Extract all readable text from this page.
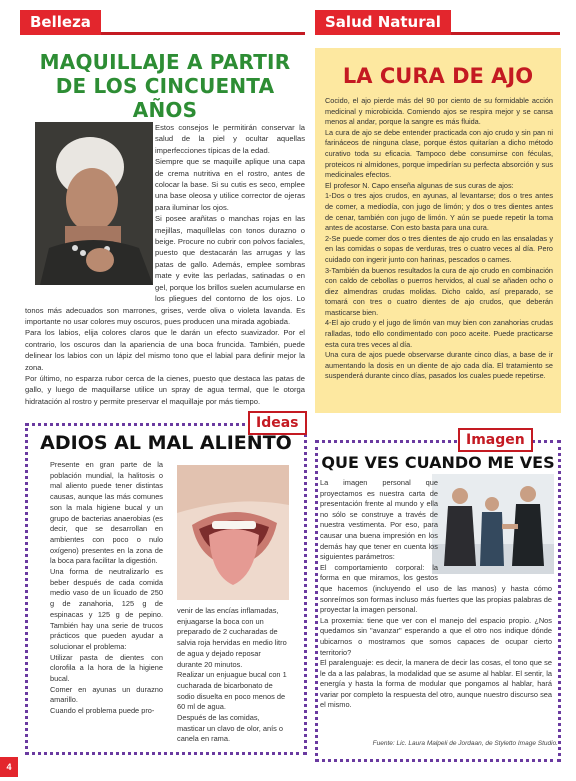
Belleza	Salud Natural
MAQUILLAJE A PARTIR DE LOS CINCUENTA AÑOS

Estos consejos le permitirán conservar la salud de la piel y ocultar aquellas imperfecciones típicas de la edad.

Siempre que se maquille aplique una capa de crema nutritiva en el rostro, antes de colocar la base. Si su cutis es seco, emplee una base oleosa y utilice corrector de ojeras para iluminar los ojos.

Si posee arañitas o manchas rojas en las mejillas, maquíllelas con tonos durazno o beige. Procure no cubrir con polvos faciales, puesto que destacarán las arrugas y las patas de gallo. Además, emplee sombras mate y evite las perladas, satinadas o en gel, porque los brillos suelen acumularse en los pliegues del contorno de los ojos. Lo tonos más adecuados son marrones, grises, verde oliva o violeta lavanda. Es importante no usar colores muy oscuros, pues producen una mirada agobiada.

Para los labios, elija colores claros que le darán un efecto suavizador. Por el contrario, los oscuros dan la apariencia de una boca fruncida. También, puede delinear los labios con un lápiz del mismo tono que el labial para definir mejor la zona.

Por último, no esparza rubor cerca de la cienes, puesto que destaca las patas de gallo, y luego de maquillarse utilice un spray de agua termal, que le otorga hidratación al rostro y permite preservar el maquillaje por más tiempo.

LA CURA DE AJO

Cocido, el ajo pierde más del 90 por ciento de su formidable acción medicinal y microbicida. Comiendo ajos se respira mejor y se cansa menos al andar, porque la sangre es más fluida.

La cura de ajo se debe entender practicada con ajo crudo y sin pan ni farináceos de ninguna clase, porque éstos quitarían a dicho método curativo toda su eficacia. Tampoco debe consumirse con féculas, proteicos ni almidones, porque impedirían su perfecta absorción y sus medicinales efectos.

El profesor N. Capo enseña algunas de sus curas de ajos:

1-Dos o tres ajos crudos, en ayunas, al levantarse; dos o tres antes de comer, a mediodía, con jugo de limón; y dos o tres dientes antes de cenar, también con jugo de limón. Y aún se puede repetir la toma antes de acostarse. Con esto basta para una cura.

2-Se puede comer dos o tres dientes de ajo crudo en las ensaladas y en las comidas o sopas de verduras, tres o cuatro veces al día. Pero cuidado con ingerir junto con harinas, pescados o carnes.

3-También da buenos resultados la cura de ajo crudo en combinación con caldo de cebollas o puerros hervidos, al cual se añaden ocho o diez almendras crudas molidas. Dicho caldo, así preparado, se tomará con tres o cuatro dientes de ajo crudos, que deberán masticarse bien.

4-El ajo crudo y el jugo de limón van muy bien con zanahorias crudas ralladas, todo ello condimentado con poco aceite. Puede practicarse esta cura tres veces al día.

Una cura de ajos puede observarse durante cinco días, a base de ir aumentando la dosis en un diente de ajo cada día. El tratamiento se suspenderá durante cinco días, pasados los cuales puede repetirse.

Ideas
ADIOS AL MAL ALIENTO

Presente en gran parte de la población mundial, la halitosis o mal aliento puede tener distintas causas, aunque las más comunes son la mala higiene bucal y un grupo de bacterias anaerobias (es decir, que se desarrollan en ambientes con poco o nulo oxígeno) presentes en la zona de la boca para facilitar la digestión.

Una forma de neutralizarlo es beber después de cada comida medio vaso de un licuado de 250 g de zanahoria, 125 g de espinacas y 125 g de pepino. También hay una serie de trucos prácticos que pueden ayudar a solucionar el problema:

Utilizar pasta de dientes con clorofila a la hora de la higiene bucal.

Comer en ayunas un durazno amarillo.

Cuando el problema puede pro-

venir de las encías inflamadas, enjuagarse la boca con un preparado de 2 cucharadas de salvia roja hervidas en medio litro de agua y dejado reposar durante 20 minutos.

Realizar un enjuague bucal con 1 cucharada de bicarbonato de sodio disuelta en poco menos de 60 ml de agua.

Después de las comidas, masticar un clavo de olor, anís o canela en rama.

Imagen
QUE VES CUANDO ME VES

La imagen personal que proyectamos es nuestra carta de presentación frente al mundo y ella no sólo se construye a través de nuestra vestimenta. Por eso, para causar una buena impresión en los demás hay que tener en cuenta los siguientes parámetros:

El comportamiento corporal: la forma en que miramos, los gestos que hacemos (incluyendo el uso de las manos) y hasta cómo sonreímos son formas incluso más fuertes que las propias palabras de proyectar la imagen personal.

La proxemia: tiene que ver con el manejo del espacio propio. ¿Nos quedamos sin "avanzar" esperando a que el otro nos indique dónde ubicarnos o mostramos que somos capaces de ocupar cierto territorio?

El paralenguaje: es decir, la manera de decir las cosas, el tono que se le da a las palabras, la modalidad que se asume al hablar. El sentir, la energía y hasta la forma de modular que pongamos al hablar, hará variar por completo la respuesta del otro, aunque nuestro discurso sea el mismo.

Fuente: Lic. Laura Malpeli de Jordaan, de Styletto Image Studio.
4
